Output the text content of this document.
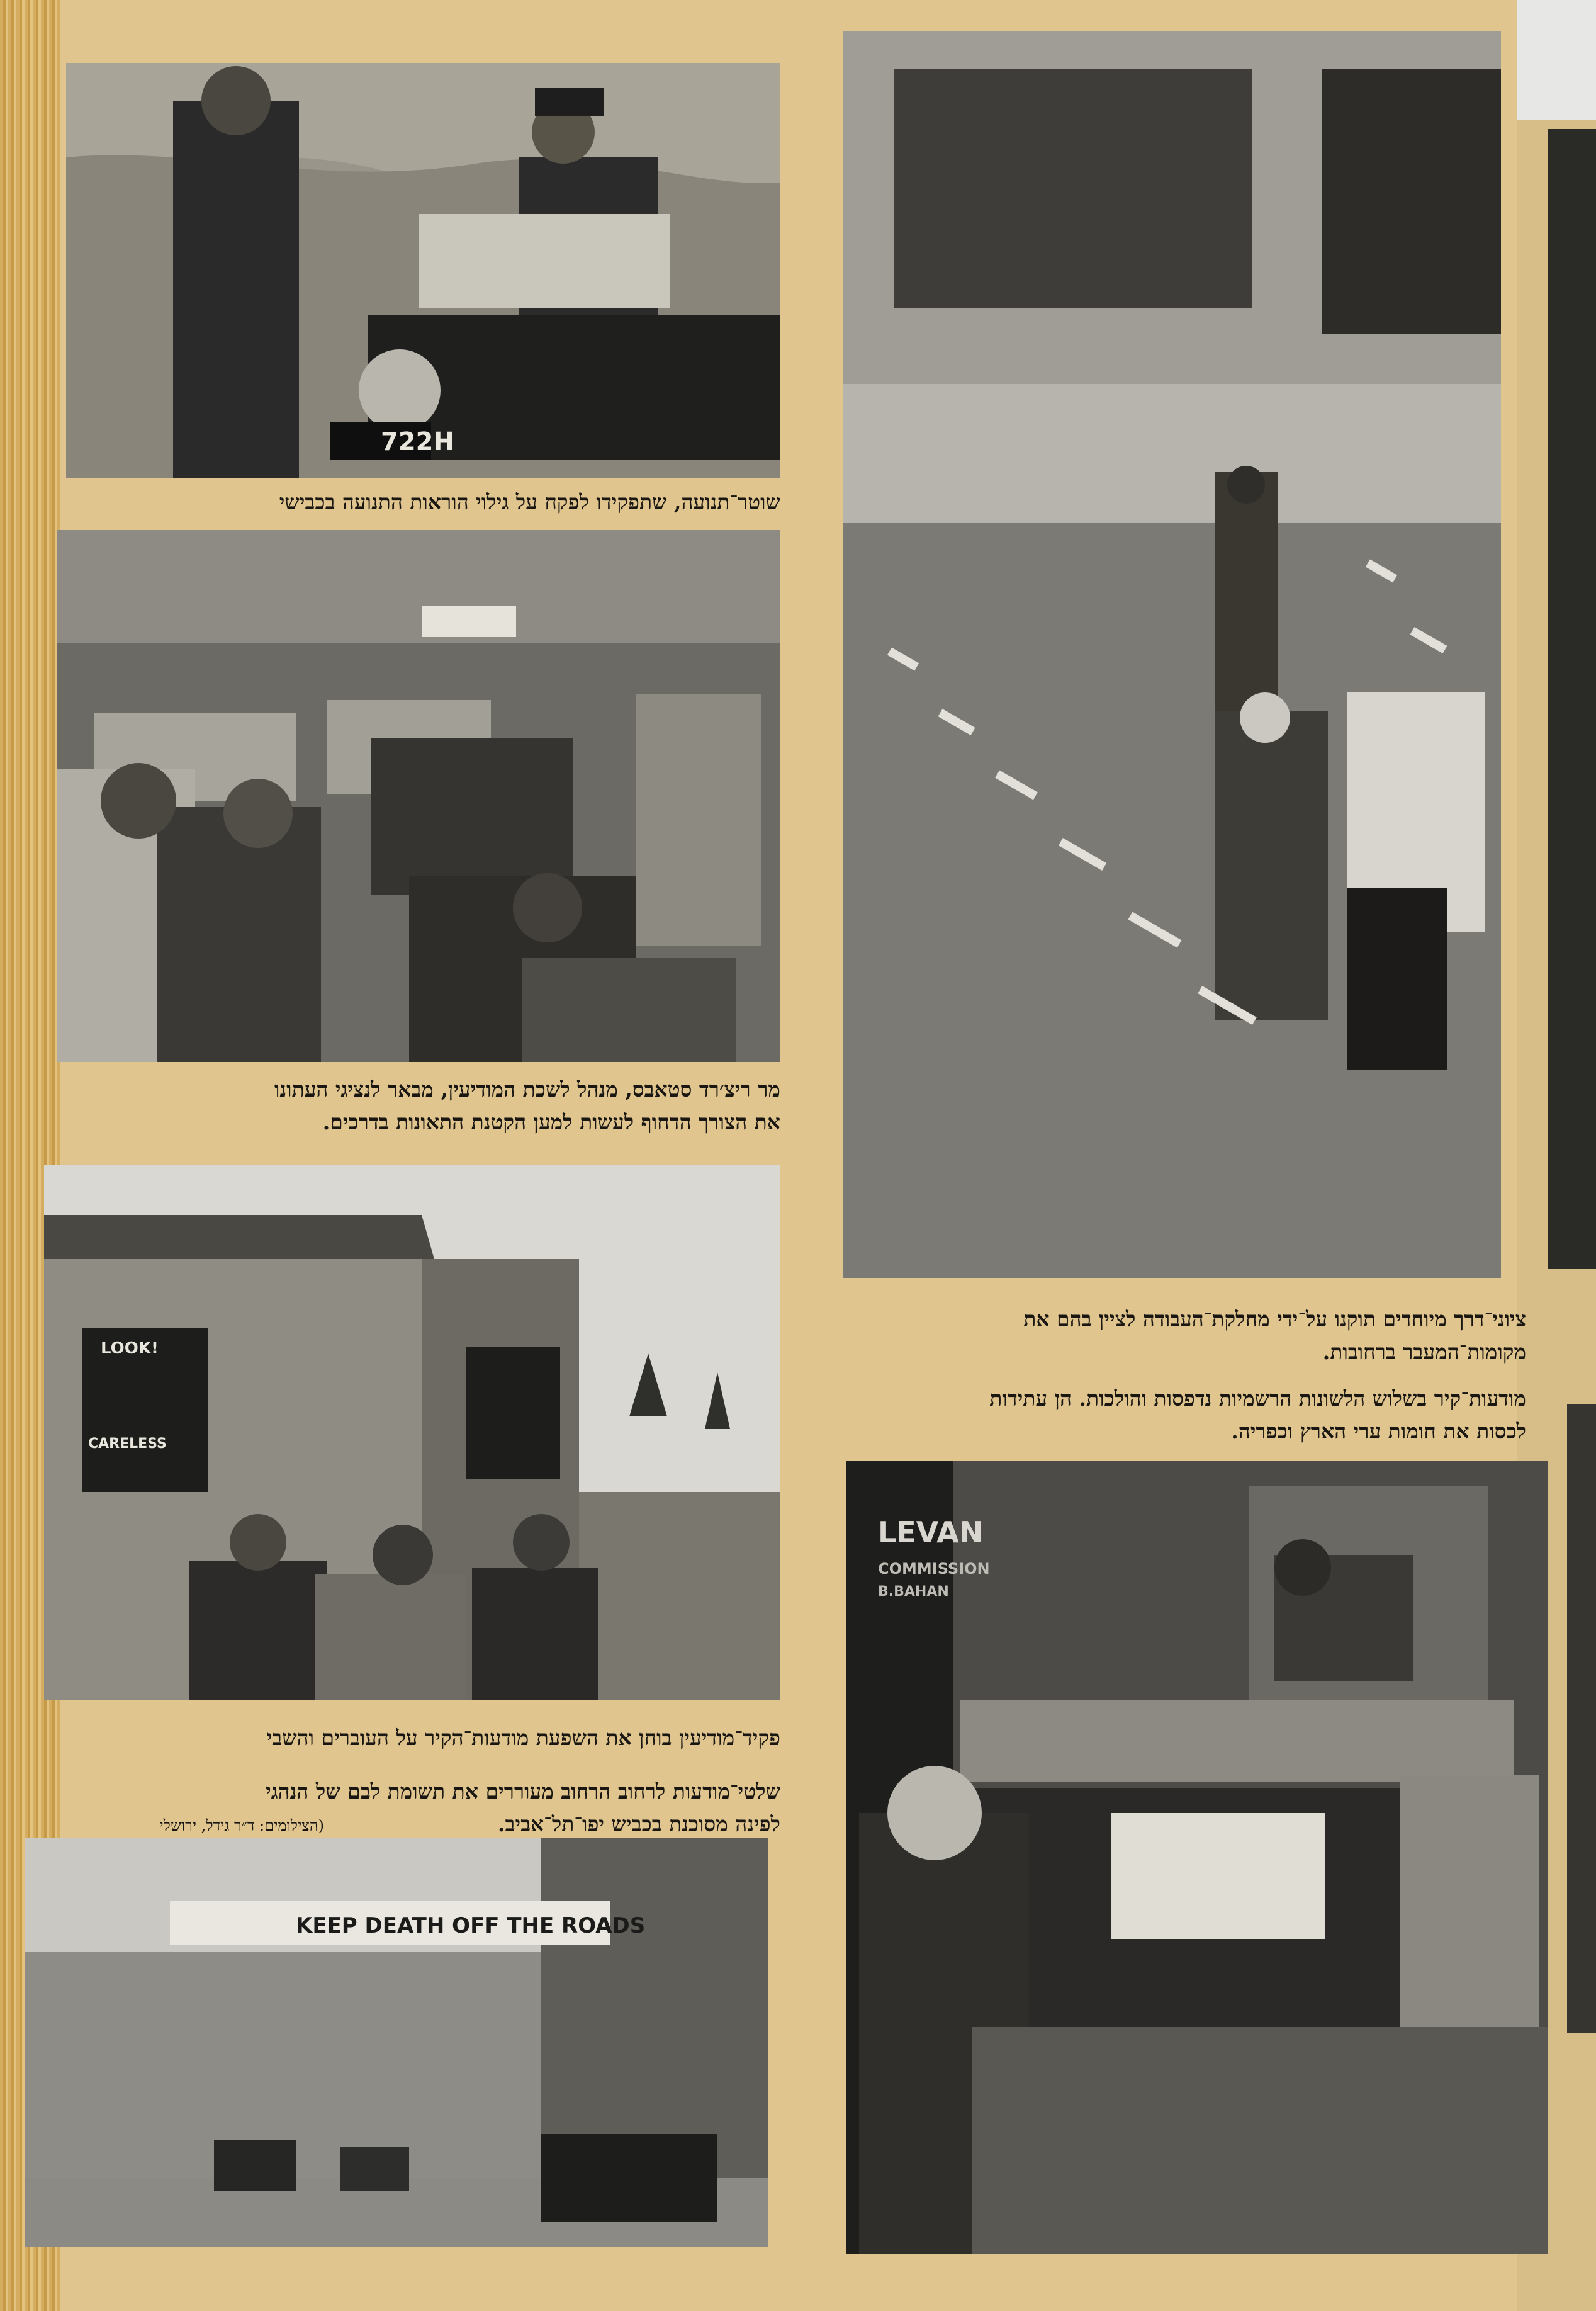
722H
שוטר־תנועה, שתפקידו לפקח על גילוי הוראות התנועה בכבישי
מר ריצ׳רד סטאבס, מנהל לשכת המודיעין, מבאר לנציגי העתונו
את הצורך הדחוף לעשות למען הקטנת התאונות בדרכים.
LOOK!
CARELESS
פקיד־מודיעין בוחן את השפעת מודעות־הקיר על העוברים והשבי
שלטי־מודעות לרחוב הרחוב מעוררים את תשומת לבם של הנהגי
לפינה מסוכנת בכביש יפו־תל־אביב.
(הצילומים: ד״ר גידל, ירושלי
KEEP DEATH OFF THE ROADS
ציוני־דרך מיוחדים תוקנו על־ידי מחלקת־העבודה לציין בהם את
מקומות־המעבר ברחובות.
מודעות־קיר בשלוש הלשונות הרשמיות נדפסות והולכות. הן עתידות
לכסות את חומות ערי הארץ וכפריה.
LEVAN
COMMISSION
B.BAHAN
